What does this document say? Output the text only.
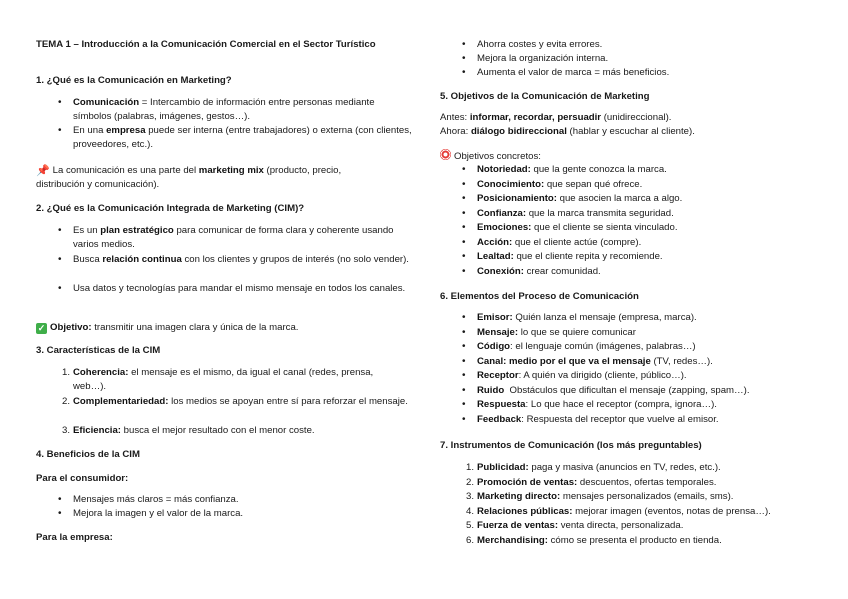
TEMA 1 – Introducción a la Comunicación Comercial en el Sector Turístico
1. ¿Qué es la Comunicación en Marketing?
•
Comunicación = Intercambio de información entre personas mediante símbolos (palabras, imágenes, gestos…).
•
En una empresa puede ser interna (entre trabajadores) o externa (con clientes, proveedores, etc.).
📌 La comunicación es una parte del marketing mix (producto, precio, distribución y comunicación).
2. ¿Qué es la Comunicación Integrada de Marketing (CIM)?
•
Es un plan estratégico para comunicar de forma clara y coherente usando varios medios.
•
Busca relación continua con los clientes y grupos de interés (no solo vender).
•
Usa datos y tecnologías para mandar el mismo mensaje en todos los canales.
✓ Objetivo: transmitir una imagen clara y única de la marca.
3. Características de la CIM
1. Coherencia: el mensaje es el mismo, da igual el canal (redes, prensa, web…).
2. Complementariedad: los medios se apoyan entre sí para reforzar el mensaje.
3. Eficiencia: busca el mejor resultado con el menor coste.
4. Beneficios de la CIM
Para el consumidor:
•
Mensajes más claros = más confianza.
•
Mejora la imagen y el valor de la marca.
Para la empresa:
•
Ahorra costes y evita errores.
•
Mejora la organización interna.
•
Aumenta el valor de marca = más beneficios.
5. Objetivos de la Comunicación de Marketing
Antes: informar, recordar, persuadir (unidireccional).
Ahora: diálogo bidireccional (hablar y escuchar al cliente).
Objetivos concretos:
•
Notoriedad: que la gente conozca la marca.
•
Conocimiento: que sepan qué ofrece.
•
Posicionamiento: que asocien la marca a algo.
•
Confianza: que la marca transmita seguridad.
•
Emociones: que el cliente se sienta vinculado.
•
Acción: que el cliente actúe (compre).
•
Lealtad: que el cliente repita y recomiende.
•
Conexión: crear comunidad.
6. Elementos del Proceso de Comunicación
•
Emisor: Quién lanza el mensaje (empresa, marca).
•
Mensaje: lo que se quiere comunicar
•
Código: el lenguaje común (imágenes, palabras…)
•
Canal: medio por el que va el mensaje (TV, redes…).
•
Receptor: A quién va dirigido (cliente, público…).
•
Ruido  Obstáculos que dificultan el mensaje (zapping, spam…).
•
Respuesta: Lo que hace el receptor (compra, ignora…).
•
Feedback: Respuesta del receptor que vuelve al emisor.
7. Instrumentos de Comunicación (los más preguntables)
1. Publicidad: paga y masiva (anuncios en TV, redes, etc.).
2. Promoción de ventas: descuentos, ofertas temporales.
3. Marketing directo: mensajes personalizados (emails, sms).
4. Relaciones públicas: mejorar imagen (eventos, notas de prensa…).
5. Fuerza de ventas: venta directa, personalizada.
6. Merchandising: cómo se presenta el producto en tienda.
